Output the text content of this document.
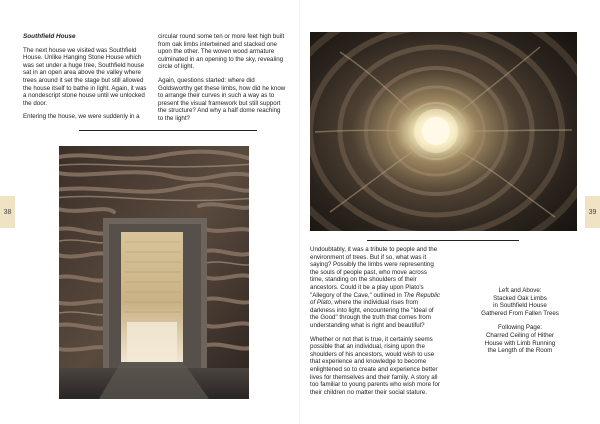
Southfield House

The next house we visited was Southfield House. Unlike Hanging Stone House which was set under a huge tree, Southfield house sat in an open area above the valley where trees around it set the stage but still allowed the house itself to bathe in light. Again, it was a nondescript stone house until we unlocked the door.

Entering the house, we were suddenly in a

circular round some ten or more feet high built from oak limbs intertwined and stacked one upon the other. The woven wood armature culminated in an opening to the sky, revealing circle of light.

Again, questions started: where did Goldsworthy get these limbs, how did he know to arrange their curves in such a way as to present the visual framework but still support the structure? And why a half dome reaching to the light?

38

Undoubtably, it was a tribute to people and the environment of trees. But if so, what was it saying? Possibly the limbs were representing the souls of people past, who move across time, standing on the shoulders of their ancestors. Could it be a play upon Plato's "Allegory of the Cave," outlined in The Republic of Plato, where the individual rises from darkness into light, encountering the "Ideal of the Good" through the truth that comes from understanding what is right and beautiful?

Whether or not that is true, it certainly seems possible that an individual, rising upon the shoulders of his ancestors, would wish to use that experience and knowledge to become enlightened so to create and experience better lives for themselves and their family. A story all too familiar to young parents who wish more for their children no matter their social stature.

Left and Above:
Stacked Oak Limbs
in Southfield House
Gathered From Fallen Trees

Following Page:
Charred Ceiling of Hither
House with Limb Running
the Length of the Room

39
